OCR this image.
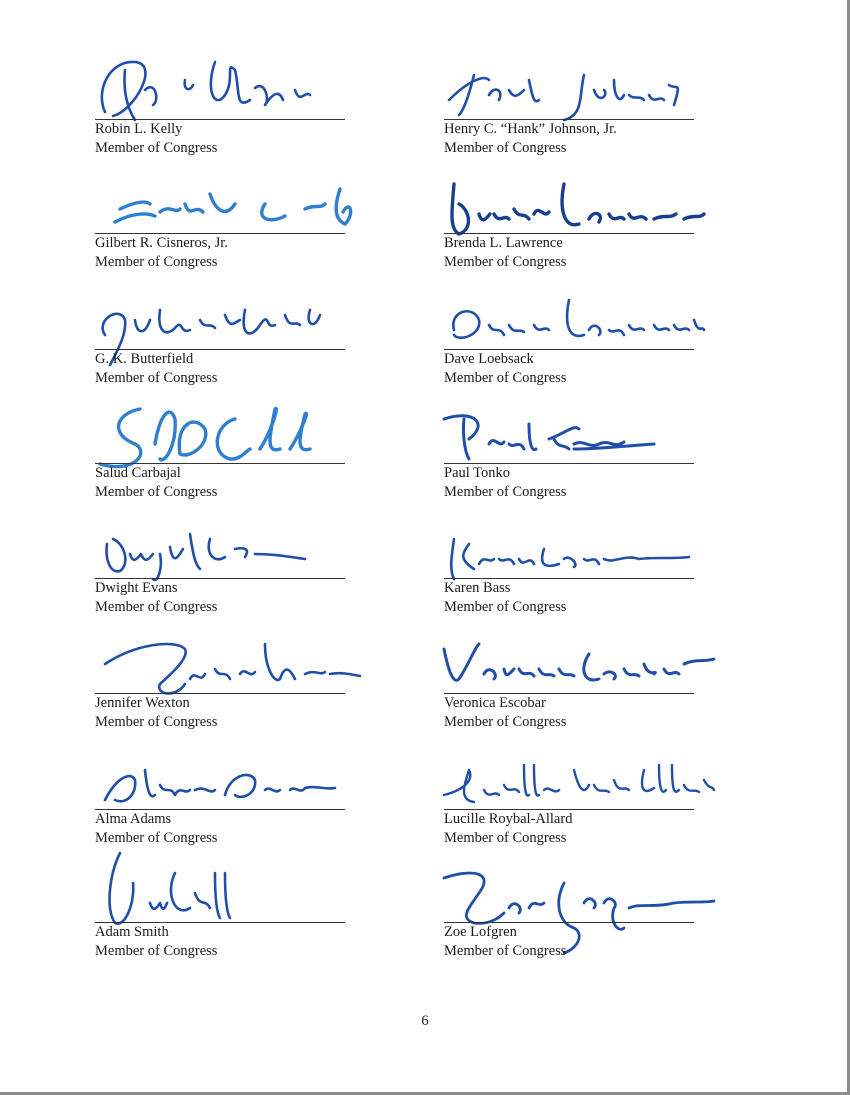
Robin L. Kelly
Member of Congress
Gilbert R. Cisneros, Jr.
Member of Congress
G. K. Butterfield
Member of Congress
Salud Carbajal
Member of Congress
Dwight Evans
Member of Congress
Jennifer Wexton
Member of Congress
Alma Adams
Member of Congress
Adam Smith
Member of Congress
Henry C. “Hank” Johnson, Jr.
Member of Congress
Brenda L. Lawrence
Member of Congress
Dave Loebsack
Member of Congress
Paul Tonko
Member of Congress
Karen Bass
Member of Congress
Veronica Escobar
Member of Congress
Lucille Roybal-Allard
Member of Congress
Zoe Lofgren
Member of Congress
6
